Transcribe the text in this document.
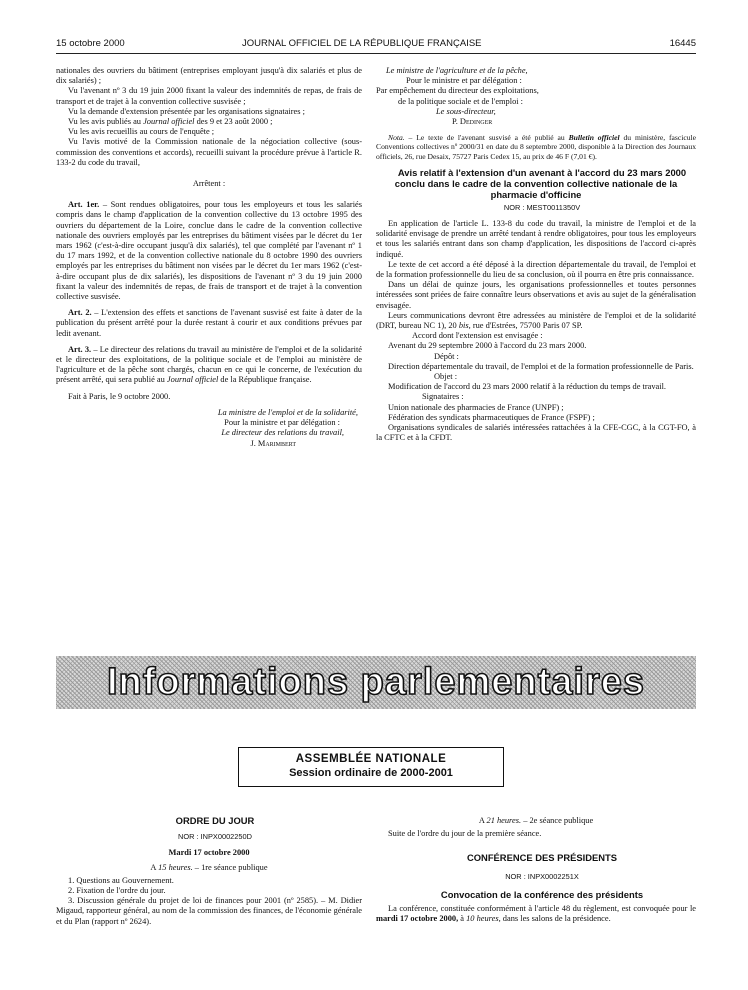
15 octobre 2000	JOURNAL OFFICIEL DE LA RÉPUBLIQUE FRANÇAISE	16445

nationales des ouvriers du bâtiment (entreprises employant jusqu'à dix salariés et plus de dix salariés) ;

Vu l'avenant nº 3 du 19 juin 2000 fixant la valeur des indemnités de repas, de frais de transport et de trajet à la convention collective susvisée ;

Vu la demande d'extension présentée par les organisations signataires ;

Vu les avis publiés au Journal officiel des 9 et 23 août 2000 ;

Vu les avis recueillis au cours de l'enquête ;

Vu l'avis motivé de la Commission nationale de la négociation collective (sous-commission des conventions et accords), recueilli suivant la procédure prévue à l'article R. 133-2 du code du travail,

Arrêtent :

Art. 1er. – Sont rendues obligatoires, pour tous les employeurs et tous les salariés compris dans le champ d'application de la convention collective du 13 octobre 1995 des ouvriers du département de la Loire, conclue dans le cadre de la convention collective nationale des ouvriers employés par les entreprises du bâtiment visées par le décret du 1er mars 1962 (c'est-à-dire occupant jusqu'à dix salariés), tel que complété par l'avenant nº 1 du 17 mars 1992, et de la convention collective nationale du 8 octobre 1990 des ouvriers employés par les entreprises du bâtiment non visées par le décret du 1er mars 1962 (c'est-à-dire occupant plus de dix salariés), les dispositions de l'avenant nº 3 du 19 juin 2000 fixant la valeur des indemnités de repas, de frais de transport et de trajet à la convention collective susvisée.

Art. 2. – L'extension des effets et sanctions de l'avenant susvisé est faite à dater de la publication du présent arrêté pour la durée restant à courir et aux conditions prévues par ledit avenant.

Art. 3. – Le directeur des relations du travail au ministère de l'emploi et de la solidarité et le directeur des exploitations, de la politique sociale et de l'emploi au ministère de l'agriculture et de la pêche sont chargés, chacun en ce qui le concerne, de l'exécution du présent arrêté, qui sera publié au Journal officiel de la République française.

Fait à Paris, le 9 octobre 2000.

La ministre de l'emploi et de la solidarité,

Pour la ministre et par délégation :

Le directeur des relations du travail,

J. Marimbert

Le ministre de l'agriculture et de la pêche,

Pour le ministre et par délégation :

Par empêchement du directeur des exploitations,

de la politique sociale et de l'emploi :

Le sous-directeur,

P. Dedinger

Nota. – Le texte de l'avenant susvisé a été publié au Bulletin officiel du ministère, fascicule Conventions collectives nº 2000/31 en date du 8 septembre 2000, disponible à la Direction des Journaux officiels, 26, rue Desaix, 75727 Paris Cedex 15, au prix de 46 F (7,01 €).

Avis relatif à l'extension d'un avenant à l'accord du 23 mars 2000 conclu dans le cadre de la convention collective nationale de la pharmacie d'officine

NOR : MEST0011350V

En application de l'article L. 133-8 du code du travail, la ministre de l'emploi et de la solidarité envisage de prendre un arrêté tendant à rendre obligatoires, pour tous les employeurs et tous les salariés entrant dans son champ d'application, les dispositions de l'accord ci-après indiqué.

Le texte de cet accord a été déposé à la direction départementale du travail, de l'emploi et de la formation professionnelle du lieu de sa conclusion, où il pourra en être pris connaissance.

Dans un délai de quinze jours, les organisations professionnelles et toutes personnes intéressées sont priées de faire connaître leurs observations et avis au sujet de la généralisation envisagée.

Leurs communications devront être adressées au ministère de l'emploi et de la solidarité (DRT, bureau NC 1), 20 bis, rue d'Estrées, 75700 Paris 07 SP.

Accord dont l'extension est envisagée :

Avenant du 29 septembre 2000 à l'accord du 23 mars 2000.

Dépôt :

Direction départementale du travail, de l'emploi et de la formation professionnelle de Paris.

Objet :

Modification de l'accord du 23 mars 2000 relatif à la réduction du temps de travail.

Signataires :

Union nationale des pharmacies de France (UNPF) ;

Fédération des syndicats pharmaceutiques de France (FSPF) ;

Organisations syndicales de salariés intéressées rattachées à la CFE-CGC, à la CGT-FO, à la CFTC et à la CFDT.

Informations parlementaires
ASSEMBLÉE NATIONALE
Session ordinaire de 2000-2001

ORDRE DU JOUR

NOR : INPX0002250D

Mardi 17 octobre 2000

A 15 heures. – 1re séance publique

1. Questions au Gouvernement.

2. Fixation de l'ordre du jour.

3. Discussion générale du projet de loi de finances pour 2001 (nº 2585). – M. Didier Migaud, rapporteur général, au nom de la commission des finances, de l'économie générale et du Plan (rapport nº 2624).

A 21 heures. – 2e séance publique

Suite de l'ordre du jour de la première séance.

CONFÉRENCE DES PRÉSIDENTS

NOR : INPX0002251X

Convocation de la conférence des présidents

La conférence, constituée conformément à l'article 48 du règlement, est convoquée pour le mardi 17 octobre 2000, à 10 heures, dans les salons de la présidence.
